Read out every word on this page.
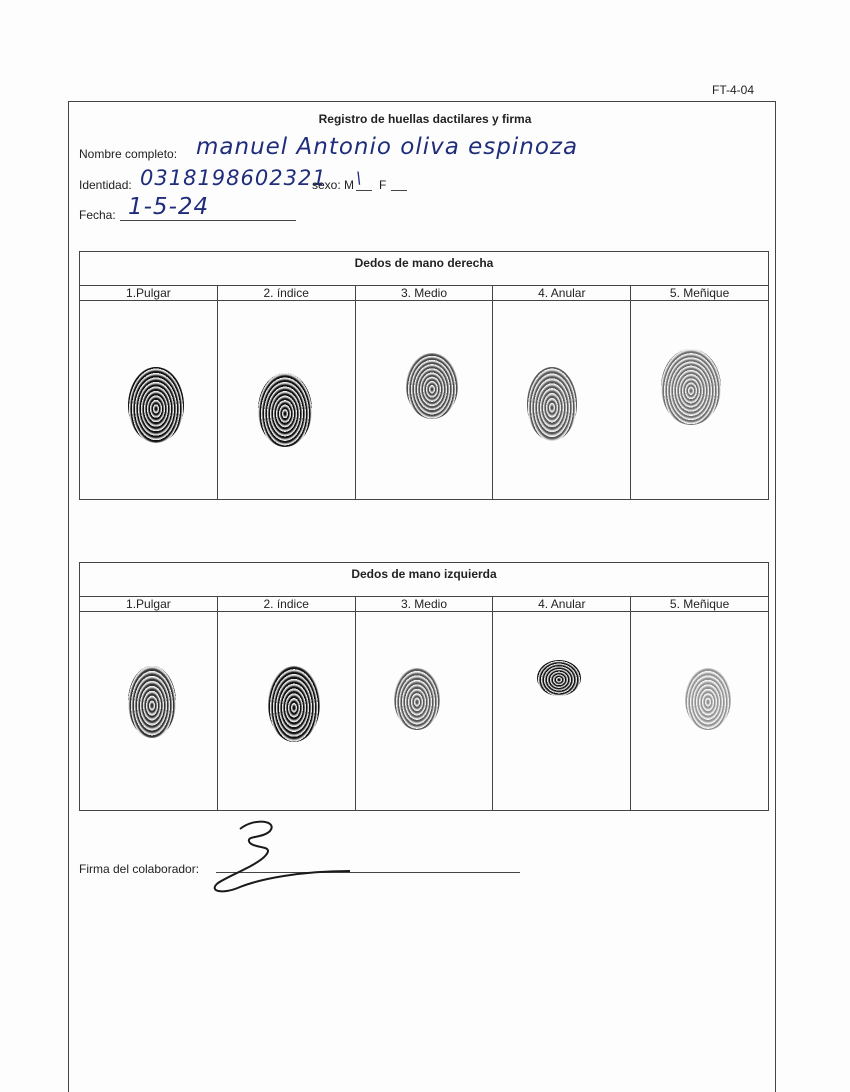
FT-4-04
Registro de huellas dactilares y firma
Nombre completo: manuel Antonio oliva espinoza
Identidad: 0318198602321
sexo: M \ F
Fecha: 1-5-24
Dedos de mano derecha
1.Pulgar	2. índice	3. Medio	4. Anular	5. Meñique
Dedos de mano izquierda
1.Pulgar	2. índice	3. Medio	4. Anular	5. Meñique
Firma del colaborador:
